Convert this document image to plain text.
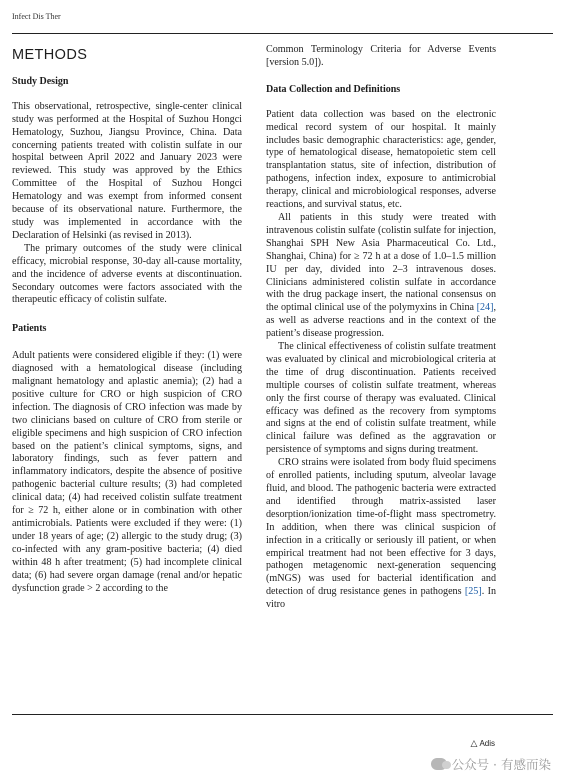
Infect Dis Ther
METHODS
Study Design

This observational, retrospective, single-center clinical study was performed at the Hospital of Suzhou Hongci Hematology, Suzhou, Jiangsu Province, China. Data concerning patients treated with colistin sulfate in our hospital between April 2022 and January 2023 were reviewed. This study was approved by the Ethics Committee of the Hospital of Suzhou Hongci Hematology and was exempt from informed consent because of its observational nature. Furthermore, the study was implemented in accordance with the Declaration of Helsinki (as revised in 2013).

The primary outcomes of the study were clinical efficacy, microbial response, 30-day all-cause mortality, and the incidence of adverse events at discontinuation. Secondary outcomes were factors associated with the therapeutic efficacy of colistin sulfate.

Patients

Adult patients were considered eligible if they: (1) were diagnosed with a hematological disease (including malignant hematology and aplastic anemia); (2) had a positive culture for CRO or high suspicion of CRO infection. The diagnosis of CRO infection was made by two clinicians based on culture of CRO from sterile or eligible specimens and high suspicion of CRO infection based on the patient’s clinical symptoms, signs, and laboratory findings, such as fever pattern and inflammatory indicators, despite the absence of positive pathogenic bacterial culture results; (3) had completed clinical data; (4) had received colistin sulfate treatment for ≥ 72 h, either alone or in combination with other antimicrobials. Patients were excluded if they were: (1) under 18 years of age; (2) allergic to the study drug; (3) co-infected with any gram-positive bacteria; (4) died within 48 h after treatment; (5) had incomplete clinical data; (6) had severe organ damage (renal and/or hepatic dysfunction grade > 2 according to the

Common Terminology Criteria for Adverse Events [version 5.0]).

Data Collection and Definitions

Patient data collection was based on the electronic medical record system of our hospital. It mainly includes basic demographic characteristics: age, gender, type of hematological disease, hematopoietic stem cell transplantation status, site of infection, distribution of pathogens, infection index, exposure to antimicrobial therapy, clinical and microbiological responses, adverse reactions, and survival status, etc.

All patients in this study were treated with intravenous colistin sulfate (colistin sulfate for injection, Shanghai SPH New Asia Pharmaceutical Co. Ltd., Shanghai, China) for ≥ 72 h at a dose of 1.0–1.5 million IU per day, divided into 2–3 intravenous doses. Clinicians administered colistin sulfate in accordance with the drug package insert, the national consensus on the optimal clinical use of the polymyxins in China [24], as well as adverse reactions and in the context of the patient’s disease progression.

The clinical effectiveness of colistin sulfate treatment was evaluated by clinical and microbiological criteria at the time of drug discontinuation. Patients received multiple courses of colistin sulfate treatment, whereas only the first course of therapy was evaluated. Clinical efficacy was defined as the recovery from symptoms and signs at the end of colistin sulfate treatment, while clinical failure was defined as the aggravation or persistence of symptoms and signs during treatment.

CRO strains were isolated from body fluid specimens of enrolled patients, including sputum, alveolar lavage fluid, and blood. The pathogenic bacteria were extracted and identified through matrix-assisted laser desorption/ionization time-of-flight mass spectrometry. In addition, when there was clinical suspicion of infection in a critically or seriously ill patient, or when empirical treatment had not been effective for 3 days, pathogen metagenomic next-generation sequencing (mNGS) was used for bacterial identification and detection of drug resistance genes in pathogens [25]. In vitro

△ Adis
公众号 · 有感而染
